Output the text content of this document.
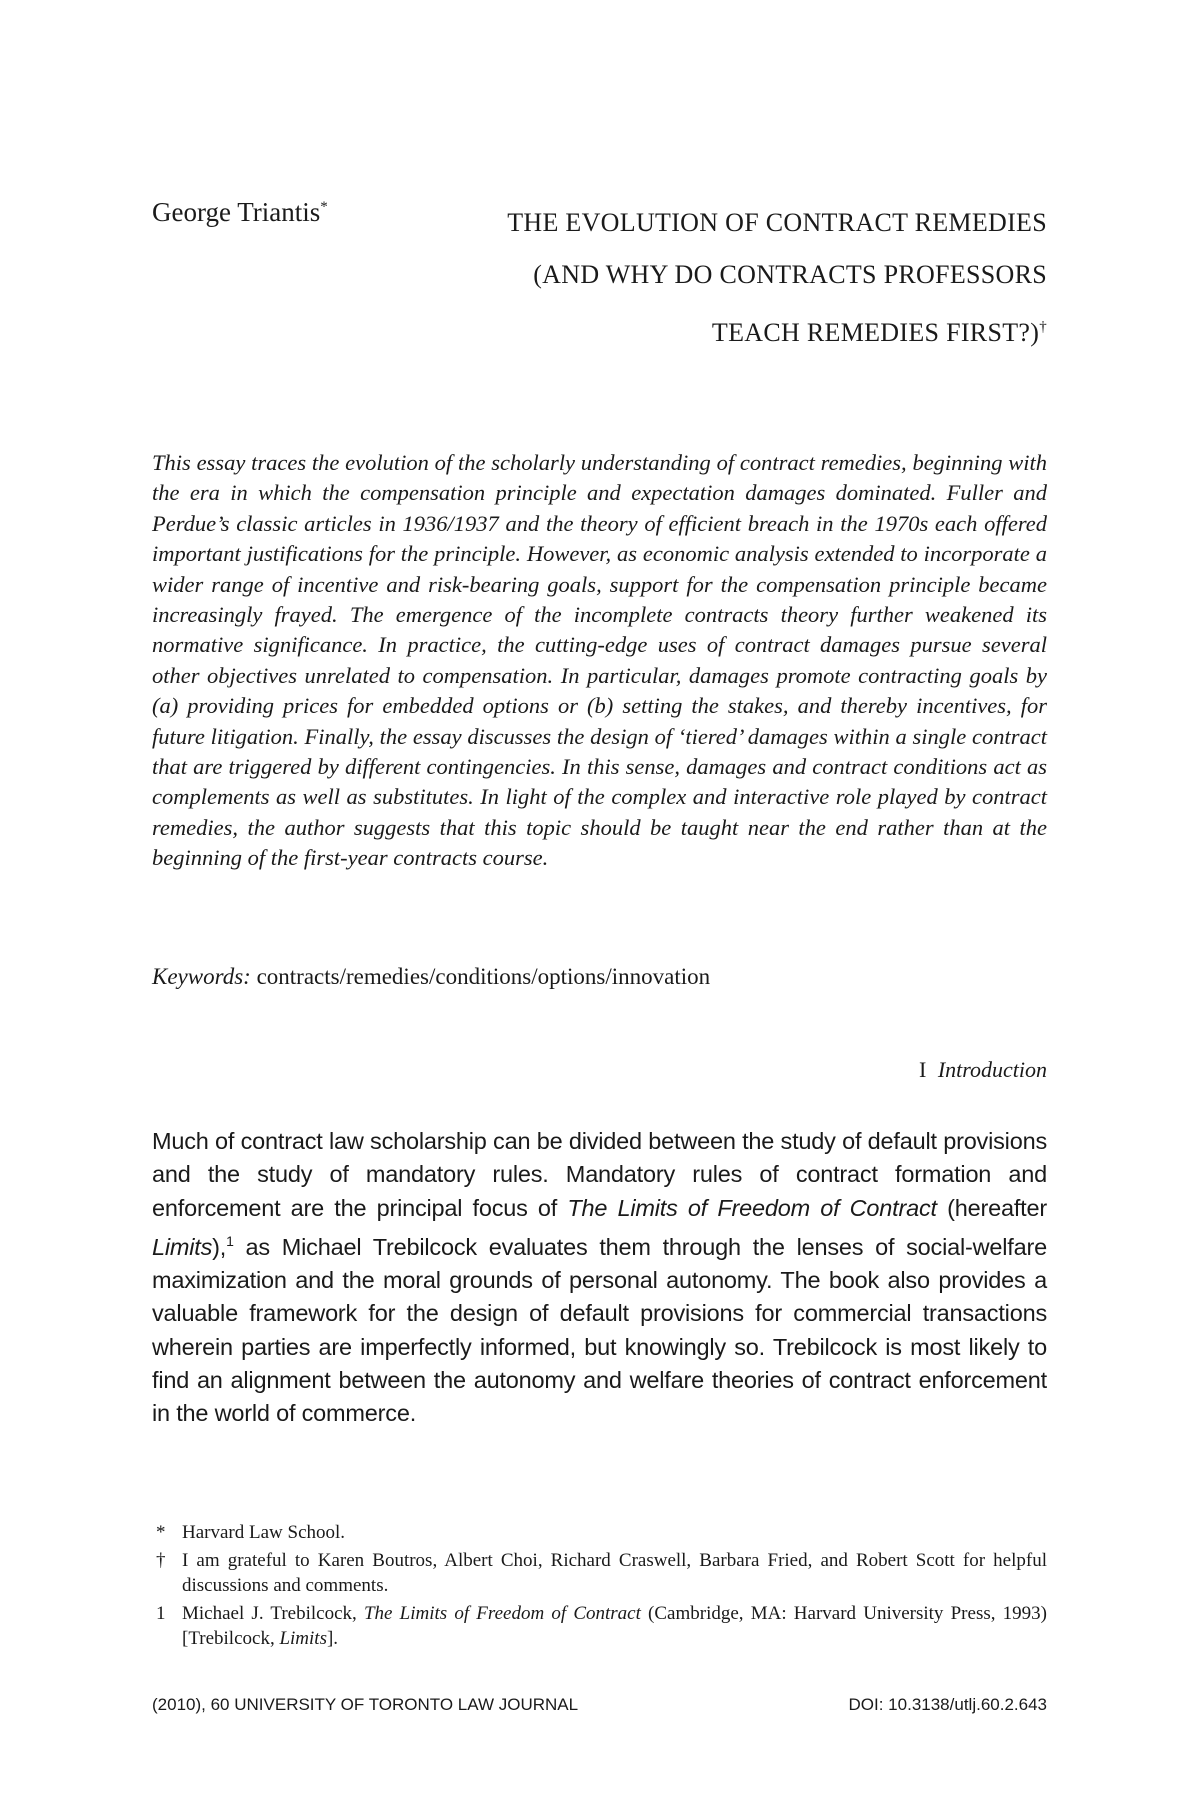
George Triantis*
THE EVOLUTION OF CONTRACT REMEDIES
(AND WHY DO CONTRACTS PROFESSORS
TEACH REMEDIES FIRST?)†

This essay traces the evolution of the scholarly understanding of contract remedies, beginning with the era in which the compensation principle and expectation damages dominated. Fuller and Perdue’s classic articles in 1936/1937 and the theory of efficient breach in the 1970s each offered important justifications for the principle. However, as economic analysis extended to incorporate a wider range of incentive and risk-bearing goals, support for the compensation principle became increasingly frayed. The emergence of the incomplete contracts theory further weakened its normative significance. In practice, the cutting-edge uses of contract damages pursue several other objectives unrelated to compensation. In particular, damages promote contracting goals by (a) providing prices for embedded options or (b) setting the stakes, and thereby incentives, for future litigation. Finally, the essay discusses the design of ‘tiered’ damages within a single contract that are triggered by different contingencies. In this sense, damages and contract conditions act as complements as well as substitutes. In light of the complex and interactive role played by contract remedies, the author suggests that this topic should be taught near the end rather than at the beginning of the first-year contracts course.

Keywords: contracts/remedies/conditions/options/innovation
I Introduction

Much of contract law scholarship can be divided between the study of default provisions and the study of mandatory rules. Mandatory rules of contract formation and enforcement are the principal focus of The Limits of Freedom of Contract (hereafter Limits),$^1$ as Michael Trebilcock evaluates them through the lenses of social-welfare maximization and the moral grounds of personal autonomy. The book also provides a valuable framework for the design of default provisions for commercial transactions wherein parties are imperfectly informed, but knowingly so. Trebilcock is most likely to find an alignment between the autonomy and welfare theories of contract enforcement in the world of commerce.

* Harvard Law School.
† I am grateful to Karen Boutros, Albert Choi, Richard Craswell, Barbara Fried, and Robert Scott for helpful discussions and comments.
1 Michael J. Trebilcock, The Limits of Freedom of Contract (Cambridge, MA: Harvard University Press, 1993) [Trebilcock, Limits].
(2010), 60 UNIVERSITY OF TORONTO LAW JOURNAL	DOI: 10.3138/utlj.60.2.643
